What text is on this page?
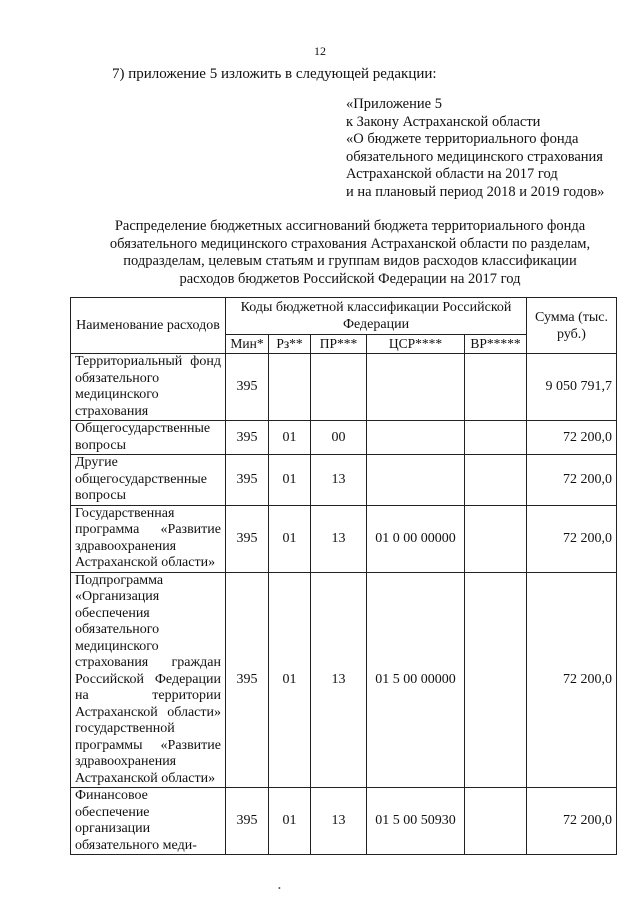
12
7) приложение 5 изложить в следующей редакции:
«Приложение 5
к Закону Астраханской области
«О бюджете территориального фонда
обязательного медицинского страхования
Астраханской области на 2017 год
и на плановый период 2018 и 2019 годов»
Распределение бюджетных ассигнований бюджета территориального фонда
обязательного медицинского страхования Астраханской области по разделам,
подразделам, целевым статьям и группам видов расходов классификации
расходов бюджетов Российской Федерации на 2017 год
Наименование расходов	Коды бюджетной классификации Российской Федерации					Сумма (тыс. руб.)
	Мин*	Рз**	ПР***	ЦСР****	ВР*****	
Территориальный фонд обязательного медицинского страхования	395					9 050 791,7
Общегосударственные вопросы	395	01	00			72 200,0
Другие общегосударственные вопросы	395	01	13			72 200,0
Государственная программа «Развитие здравоохранения Астраханской области»	395	01	13	01 0 00 00000		72 200,0
Подпрограмма «Организация обеспечения обязательного медицинского страхования граждан Российской Федерации на территории Астраханской области» государственной программы «Развитие здравоохранения Астраханской области»	395	01	13	01 5 00 00000		72 200,0
Финансовое обеспечение организации обязательного меди-	395	01	13	01 5 00 50930		72 200,0
•
